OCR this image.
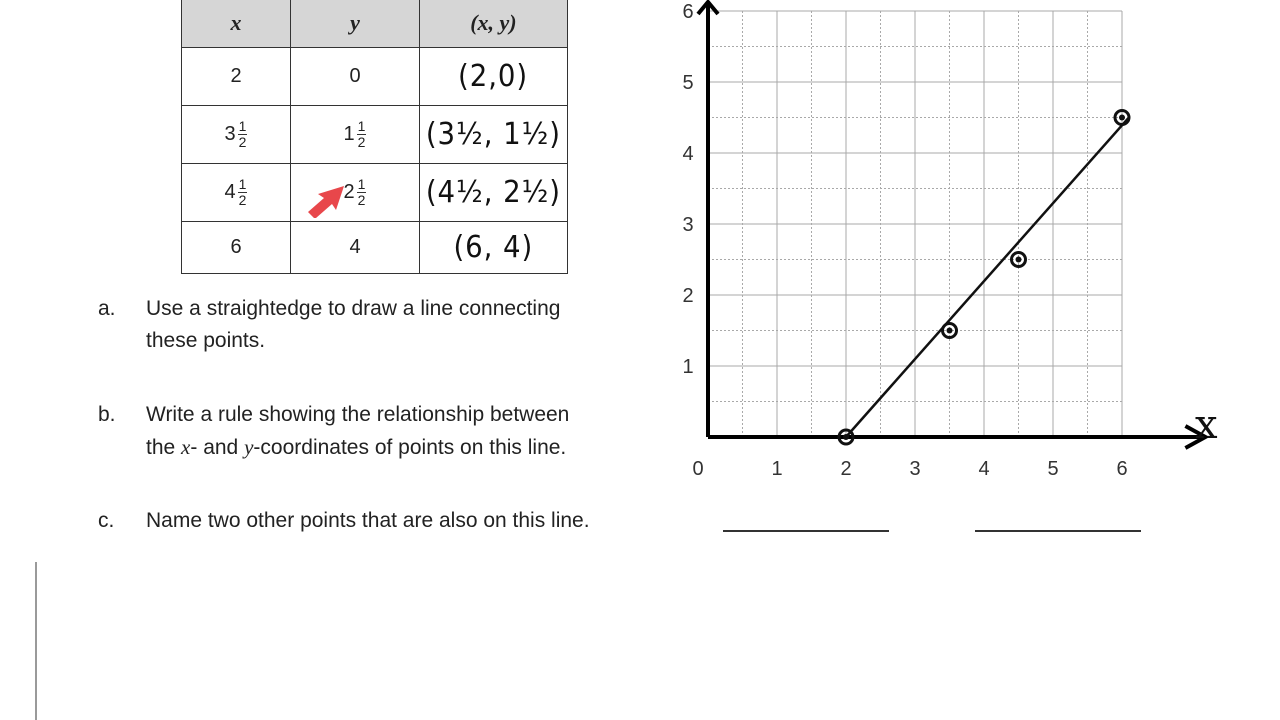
x	y	(x, y)

2	0	(2,0)

$3 \frac{1}{2}$	$1 \frac{1}{2}$	(3½, 1½)

$4 \frac{1}{2}$	$2 \frac{1}{2}$	(4½, 2½)

6	4	(6, 4)
a. Use a straightedge to draw a line connecting
these points.
b. Write a rule showing the relationship between
the x- and y-coordinates of points on this line.
c. Name two other points that are also on this line.
0	1	2	3	4	5	6
1
2
3
4
5
6
x
